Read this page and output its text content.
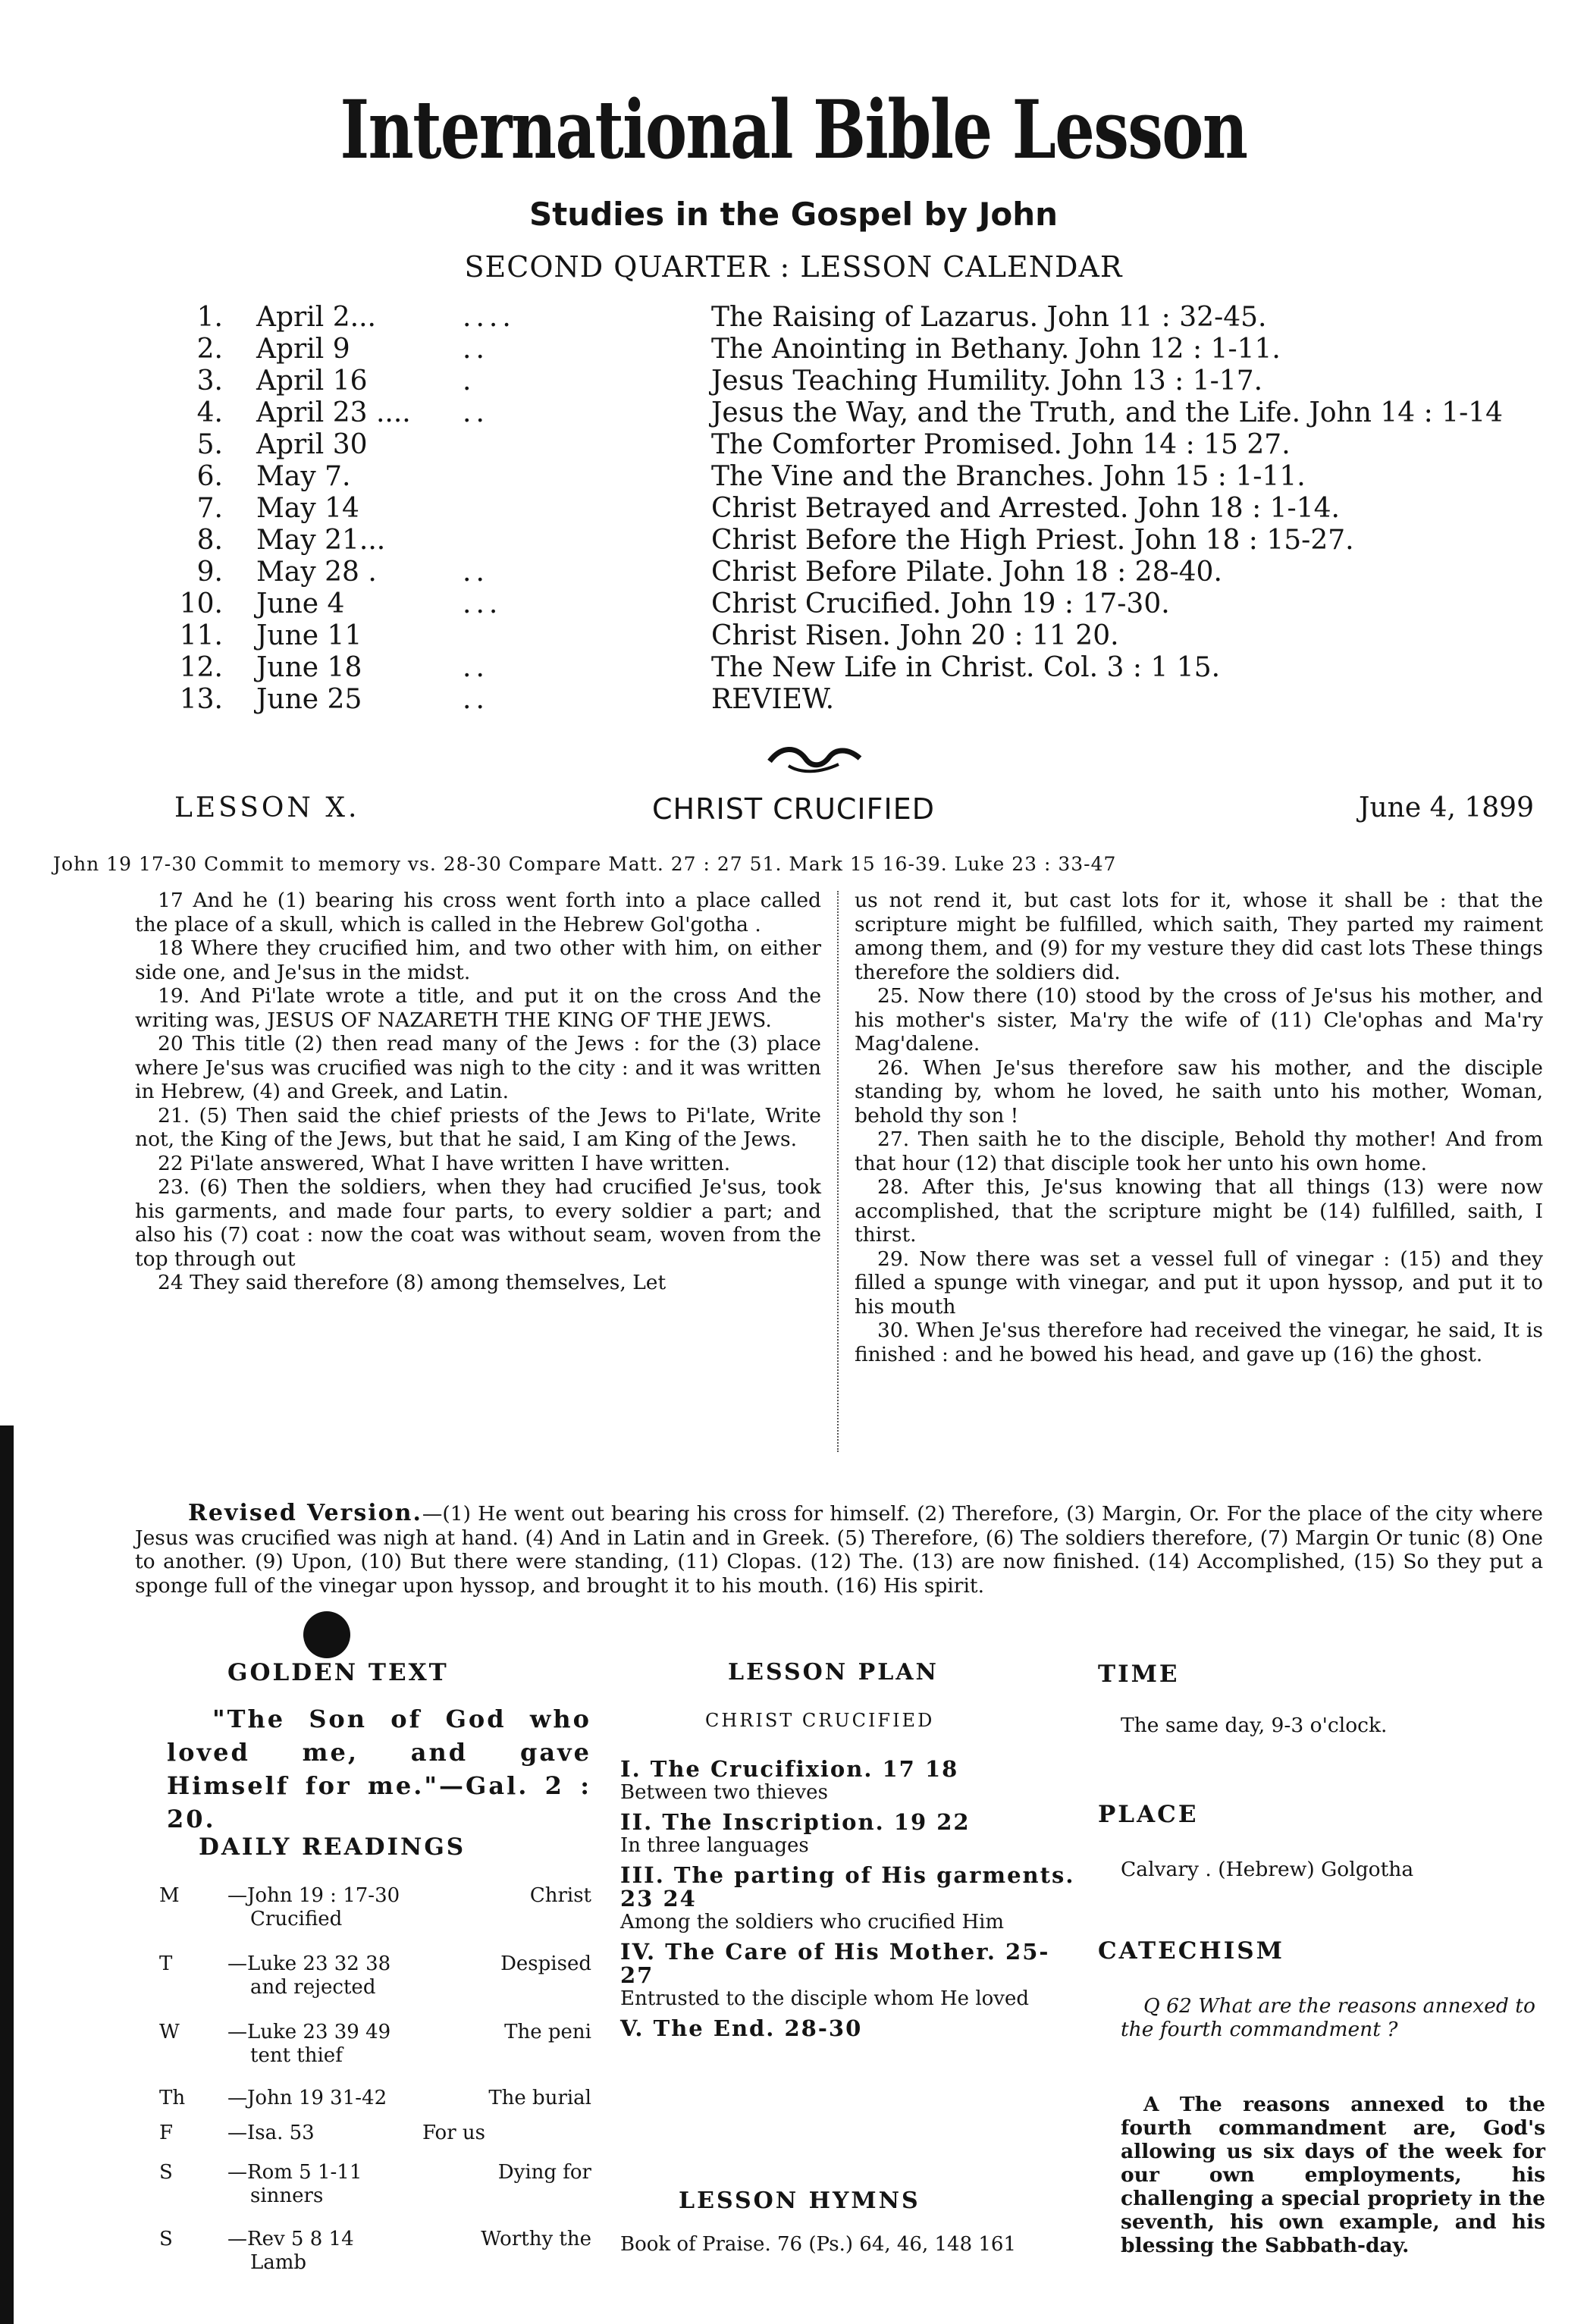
International Bible Lesson
Studies in the Gospel by John
SECOND QUARTER : LESSON CALENDAR
1. April 2...	....	The Raising of Lazarus. John 11 : 32-45.
2. April 9	..	The Anointing in Bethany. John 12 : 1-11.
3. April 16	.	Jesus Teaching Humility. John 13 : 1-17.
4. April 23 .... ..	Jesus the Way, and the Truth, and the Life. John 14 : 1-14
5. April 30	The Comforter Promised. John 14 : 15 27.
6. May 7.	The Vine and the Branches. John 15 : 1-11.
7. May 14	Christ Betrayed and Arrested. John 18 : 1-14.
8. May 21...	Christ Before the High Priest. John 18 : 15-27.
9. May 28 .	..	Christ Before Pilate. John 18 : 28-40.
10. June 4	...	Christ Crucified. John 19 : 17-30.
11. June 11	Christ Risen. John 20 : 11 20.
12. June 18	..	The New Life in Christ. Col. 3 : 1 15.
13. June 25	..	REVIEW.
LESSON X.	CHRIST CRUCIFIED	June 4, 1899
John 19 17-30 Commit to memory vs. 28-30 Compare Matt. 27 : 27 51. Mark 15 16-39. Luke 23 : 33-47

17 And he (1) bearing his cross went forth into a place called the place of a skull, which is called in the Hebrew Gol'gotha .

18 Where they crucified him, and two other with him, on either side one, and Je'sus in the midst.

19. And Pi'late wrote a title, and put it on the cross And the writing was, JESUS OF NAZARETH THE KING OF THE JEWS.

20 This title (2) then read many of the Jews : for the (3) place where Je'sus was crucified was nigh to the city : and it was written in Hebrew, (4) and Greek, and Latin.

21. (5) Then said the chief priests of the Jews to Pi'late, Write not, the King of the Jews, but that he said, I am King of the Jews.

22 Pi'late answered, What I have written I have written.

23. (6) Then the soldiers, when they had crucified Je'sus, took his garments, and made four parts, to every soldier a part; and also his (7) coat : now the coat was without seam, woven from the top through out

24 They said therefore (8) among themselves, Let

us not rend it, but cast lots for it, whose it shall be : that the scripture might be fulfilled, which saith, They parted my raiment among them, and (9) for my vesture they did cast lots These things therefore the soldiers did.

25. Now there (10) stood by the cross of Je'sus his mother, and his mother's sister, Ma'ry the wife of (11) Cle'ophas and Ma'ry Mag'dalene.

26. When Je'sus therefore saw his mother, and the disciple standing by, whom he loved, he saith unto his mother, Woman, behold thy son !

27. Then saith he to the disciple, Behold thy mother! And from that hour (12) that disciple took her unto his own home.

28. After this, Je'sus knowing that all things (13) were now accomplished, that the scripture might be (14) fulfilled, saith, I thirst.

29. Now there was set a vessel full of vinegar : (15) and they filled a spunge with vinegar, and put it upon hyssop, and put it to his mouth

30. When Je'sus therefore had received the vinegar, he said, It is finished : and he bowed his head, and gave up (16) the ghost.

Revised Version.—(1) He went out bearing his cross for himself. (2) Therefore, (3) Margin, Or. For the place of the city where Jesus was crucified was nigh at hand. (4) And in Latin and in Greek. (5) Therefore, (6) The soldiers therefore, (7) Margin Or tunic (8) One to another. (9) Upon, (10) But there were standing, (11) Clopas. (12) The. (13) are now finished. (14) Accomplished, (15) So they put a sponge full of the vinegar upon hyssop, and brought it to his mouth. (16) His spirit.
GOLDEN TEXT
"The Son of God who loved me, and gave Himself for me."—Gal. 2 : 20.
DAILY READINGS
M —John 19 : 17-30	Christ
Crucified
T	—Luke 23 32 38	Despised
and rejected
W —Luke 23 39 49	The peni
tent thief
Th —John 19 31-42	The burial
F	—Isa. 53	For us
S	—Rom 5 1-11	Dying for
sinners
S	—Rev 5 8 14	Worthy the
Lamb
LESSON PLAN
CHRIST CRUCIFIED
I. The Crucifixion. 17 18
Between two thieves
II. The Inscription. 19 22
In three languages
III. The parting of His garments. 23 24
Among the soldiers who crucified Him
IV. The Care of His Mother. 25-27
Entrusted to the disciple whom He loved
V. The End. 28-30
LESSON HYMNS
Book of Praise. 76 (Ps.) 64, 46, 148 161
TIME
The same day, 9-3 o'clock.
PLACE
Calvary . (Hebrew) Golgotha
CATECHISM
Q 62 What are the reasons annexed to the fourth commandment ?
A The reasons annexed to the fourth commandment are, God's allowing us six days of the week for our own employments, his challenging a special propriety in the seventh, his own example, and his blessing the Sabbath-day.
